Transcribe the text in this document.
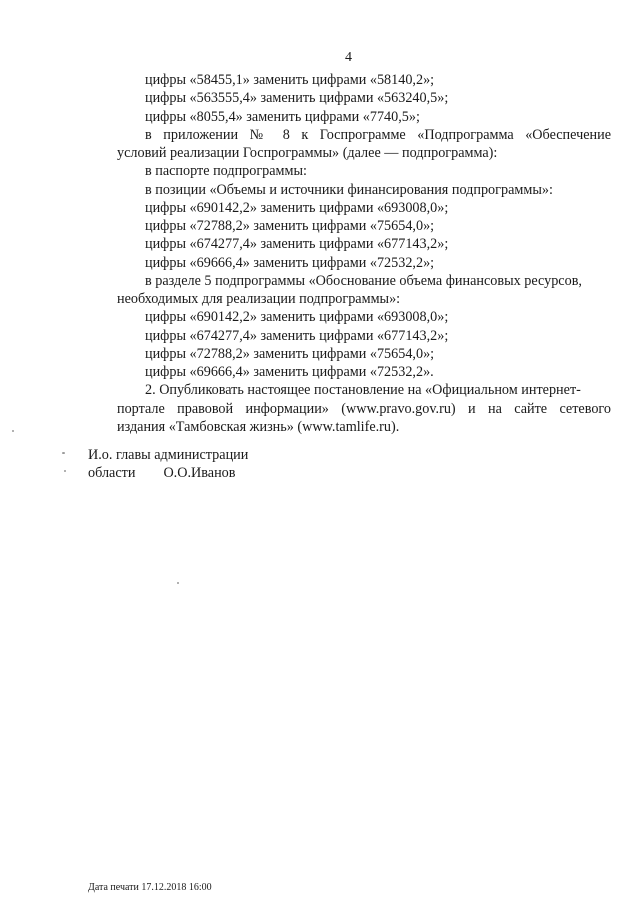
4
цифры «58455,1» заменить цифрами «58140,2»;
цифры «563555,4» заменить цифрами «563240,5»;
цифры «8055,4» заменить цифрами «7740,5»;
в приложении № 8 к Госпрограмме «Подпрограмма «Обеспечение
условий реализации Госпрограммы» (далее — подпрограмма):
в паспорте подпрограммы:
в позиции «Объемы и источники финансирования подпрограммы»:
цифры «690142,2» заменить цифрами «693008,0»;
цифры «72788,2» заменить цифрами «75654,0»;
цифры «674277,4» заменить цифрами «677143,2»;
цифры «69666,4» заменить цифрами «72532,2»;
в разделе 5 подпрограммы «Обоснование объема финансовых ресурсов,
необходимых для реализации подпрограммы»:
цифры «690142,2» заменить цифрами «693008,0»;
цифры «674277,4» заменить цифрами «677143,2»;
цифры «72788,2» заменить цифрами «75654,0»;
цифры «69666,4» заменить цифрами «72532,2».
2. Опубликовать настоящее постановление на «Официальном интернет-
портале правовой информации» (www.pravo.gov.ru) и на сайте сетевого
издания «Тамбовская жизнь» (www.tamlife.ru).
И.о. главы администрации
области О.О.Иванов
Дата печати 17.12.2018 16:00
